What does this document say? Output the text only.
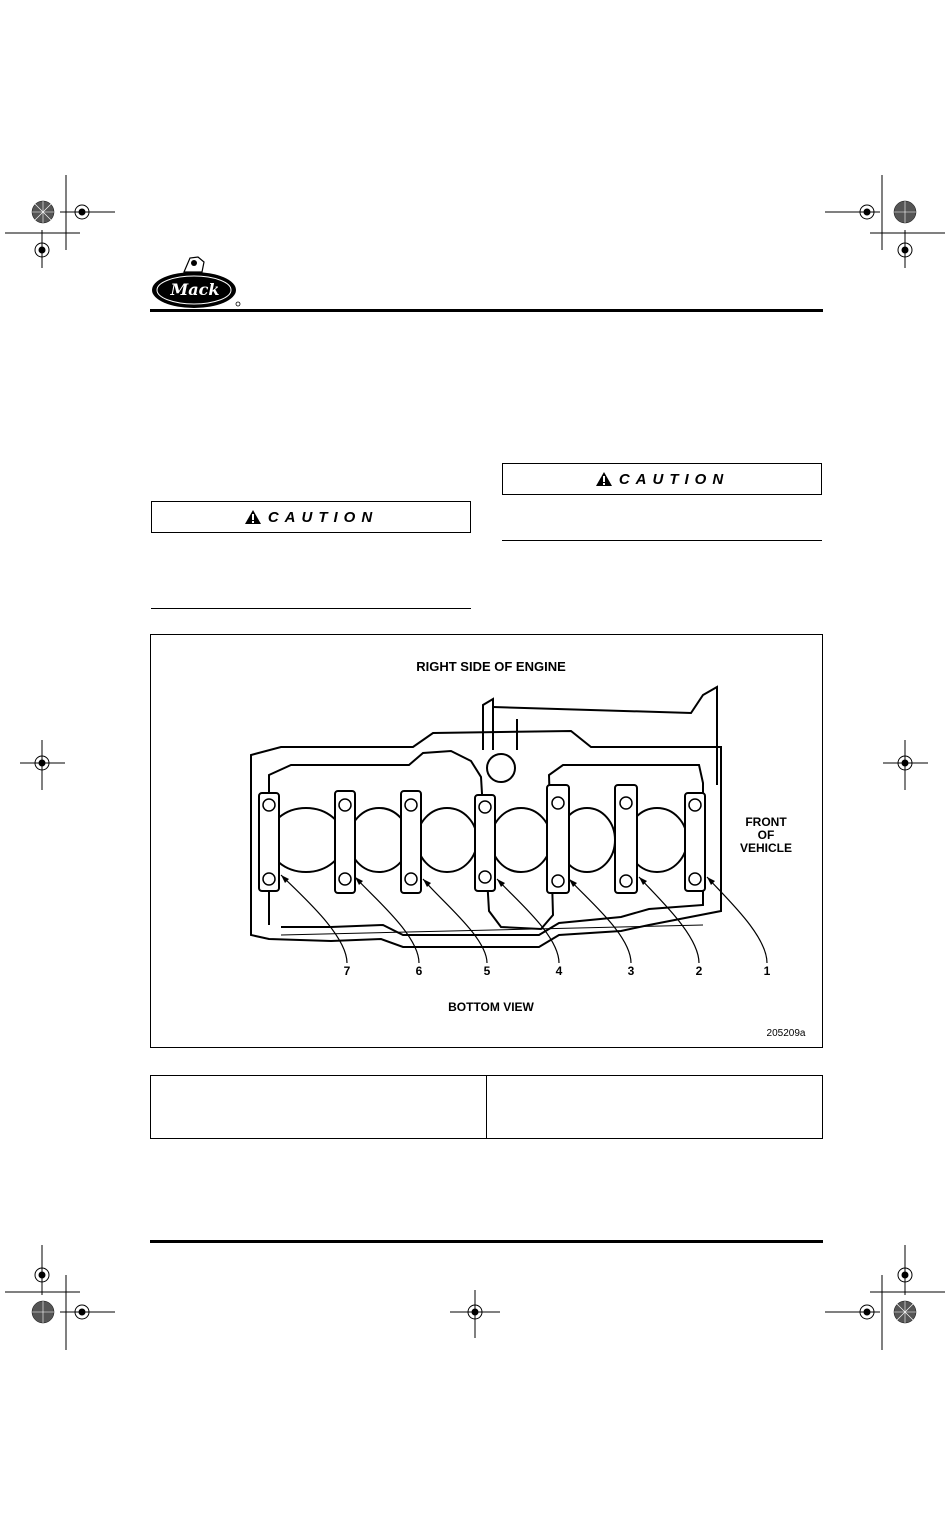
Mack
CAUTION
CAUTION
RIGHT SIDE OF ENGINE
FRONT
OF
VEHICLE
7	6	5	4	3	2	1
BOTTOM VIEW
205209a
